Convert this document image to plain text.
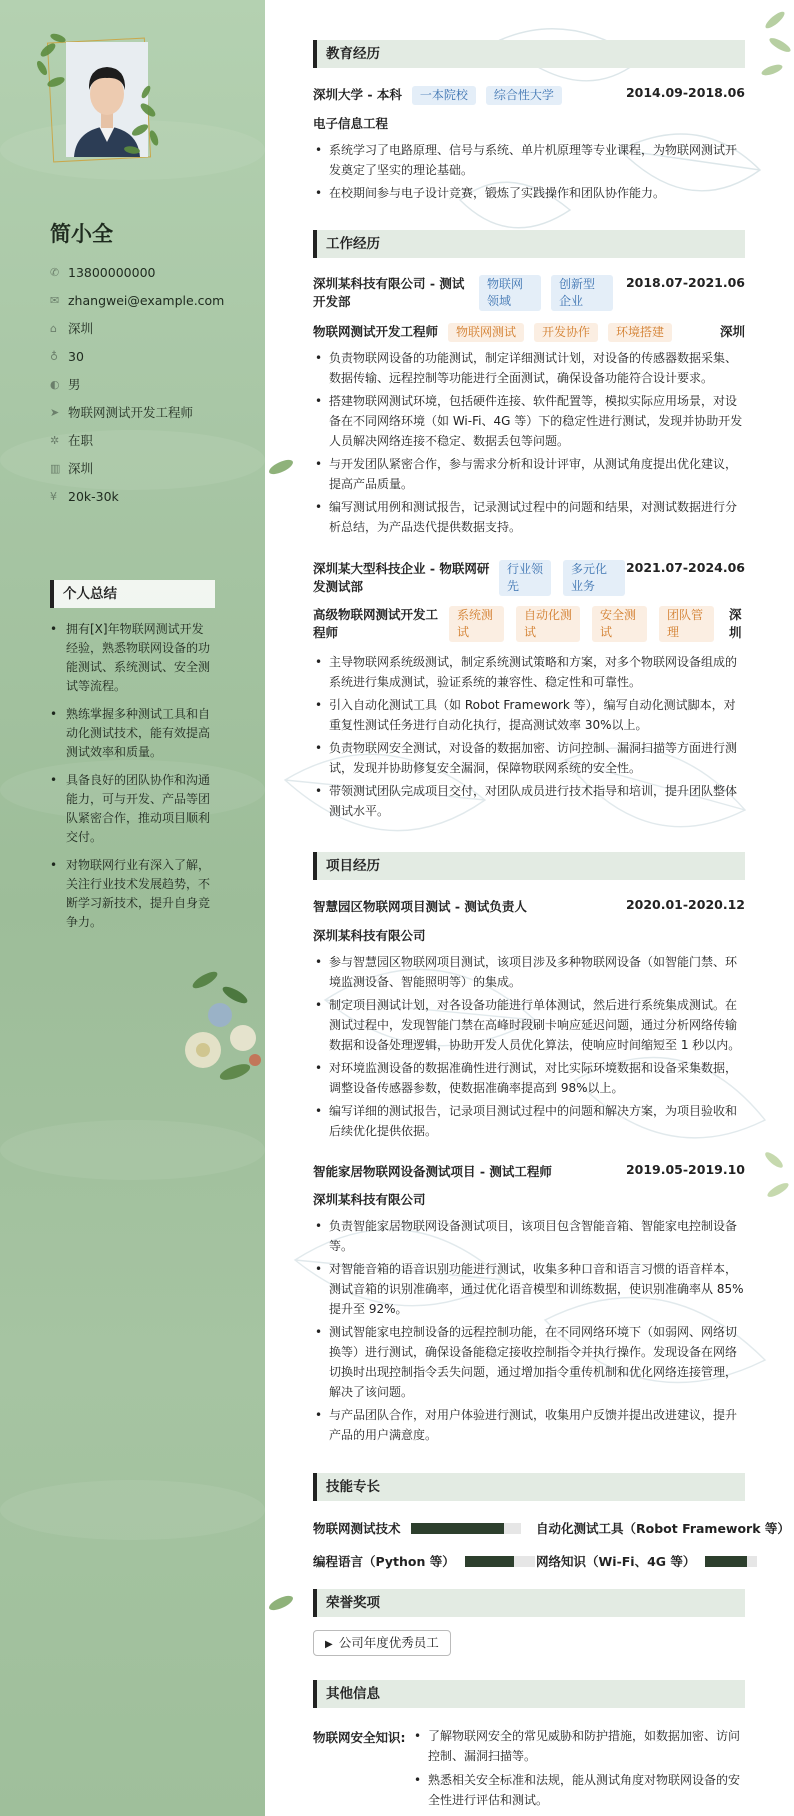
简小全
✆ 13800000000
✉ zhangwei@example.com
⌂ 深圳
♁ 30
◐ 男
➤ 物联网测试开发工程师
✲ 在职
▥ 深圳
¥ 20k-30k
个人总结
• 拥有[X]年物联网测试开发经验，熟悉物联网设备的功能测试、系统测试、安全测试等流程。
• 熟练掌握多种测试工具和自动化测试技术，能有效提高测试效率和质量。
• 具备良好的团队协作和沟通能力，可与开发、产品等团队紧密合作，推动项目顺利交付。
• 对物联网行业有深入了解，关注行业技术发展趋势，不断学习新技术，提升自身竞争力。
教育经历
深圳大学 - 本科 一本院校 综合性大学	2014.09-2018.06
电子信息工程
• 系统学习了电路原理、信号与系统、单片机原理等专业课程，为物联网测试开发奠定了坚实的理论基础。
• 在校期间参与电子设计竞赛，锻炼了实践操作和团队协作能力。
工作经历
深圳某科技有限公司 - 测试开发部
物联网领域
创新型企业
2018.07-2021.06
物联网测试开发工程师 物联网测试 开发协作 环境搭建	深圳
• 负责物联网设备的功能测试，制定详细测试计划，对设备的传感器数据采集、数据传输、远程控制等功能进行全面测试，确保设备功能符合设计要求。
• 搭建物联网测试环境，包括硬件连接、软件配置等，模拟实际应用场景，对设备在不同网络环境（如 Wi-Fi、4G 等）下的稳定性进行测试，发现并协助开发人员解决网络连接不稳定、数据丢包等问题。
• 与开发团队紧密合作，参与需求分析和设计评审，从测试角度提出优化建议，提高产品质量。
• 编写测试用例和测试报告，记录测试过程中的问题和结果，对测试数据进行分析总结，为产品迭代提供数据支持。
深圳某大型科技企业 - 物联网研发测试部
行业领先
多元化业务
2021.07-2024.06
高级物联网测试开发工程师
系统测试
自动化测试
安全测试
团队管理
深圳
• 主导物联网系统级测试，制定系统测试策略和方案，对多个物联网设备组成的系统进行集成测试，验证系统的兼容性、稳定性和可靠性。
• 引入自动化测试工具（如 Robot Framework 等），编写自动化测试脚本，对重复性测试任务进行自动化执行，提高测试效率 30%以上。
• 负责物联网安全测试，对设备的数据加密、访问控制、漏洞扫描等方面进行测试，发现并协助修复安全漏洞，保障物联网系统的安全性。
• 带领测试团队完成项目交付，对团队成员进行技术指导和培训，提升团队整体测试水平。
项目经历
智慧园区物联网项目测试 - 测试负责人	2020.01-2020.12
深圳某科技有限公司
• 参与智慧园区物联网项目测试，该项目涉及多种物联网设备（如智能门禁、环境监测设备、智能照明等）的集成。
• 制定项目测试计划，对各设备功能进行单体测试，然后进行系统集成测试。在测试过程中，发现智能门禁在高峰时段刷卡响应延迟问题，通过分析网络传输数据和设备处理逻辑，协助开发人员优化算法，使响应时间缩短至 1 秒以内。
• 对环境监测设备的数据准确性进行测试，对比实际环境数据和设备采集数据，调整设备传感器参数，使数据准确率提高到 98%以上。
• 编写详细的测试报告，记录项目测试过程中的问题和解决方案，为项目验收和后续优化提供依据。
智能家居物联网设备测试项目 - 测试工程师	2019.05-2019.10
深圳某科技有限公司
• 负责智能家居物联网设备测试项目，该项目包含智能音箱、智能家电控制设备等。
• 对智能音箱的语音识别功能进行测试，收集多种口音和语言习惯的语音样本，测试音箱的识别准确率，通过优化语音模型和训练数据，使识别准确率从 85%提升至 92%。
• 测试智能家电控制设备的远程控制功能，在不同网络环境下（如弱网、网络切换等）进行测试，确保设备能稳定接收控制指令并执行操作。发现设备在网络切换时出现控制指令丢失问题，通过增加指令重传机制和优化网络连接管理，解决了该问题。
• 与产品团队合作，对用户体验进行测试，收集用户反馈并提出改进建议，提升产品的用户满意度。
技能专长
物联网测试技术	自动化测试工具（Robot Framework 等）
编程语言（Python 等）	网络知识（Wi-Fi、4G 等）
荣誉奖项
▶ 公司年度优秀员工
其他信息
物联网安全知识:
•	了解物联网安全的常见威胁和防护措施，如数据加密、访问控制、漏洞扫描等。
• 熟悉相关安全标准和法规，能从测试角度对物联网设备的安全性进行评估和测试。
